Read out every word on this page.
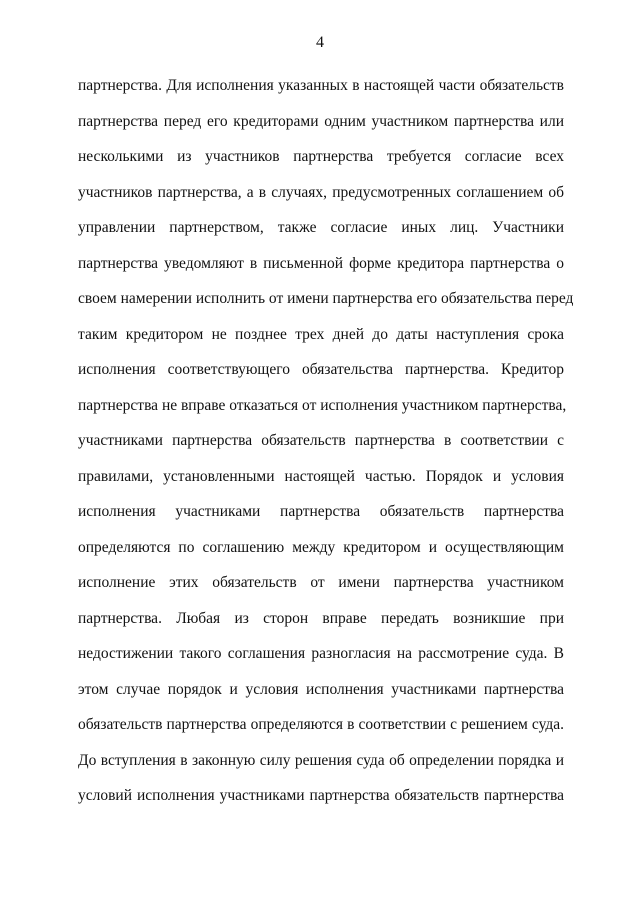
4
партнерства. Для исполнения указанных в настоящей части обязательств
партнерства перед его кредиторами одним участником партнерства или
несколькими из участников партнерства требуется согласие всех
участников партнерства, а в случаях, предусмотренных соглашением об
управлении партнерством, также согласие иных лиц. Участники
партнерства уведомляют в письменной форме кредитора партнерства о
своем намерении исполнить от имени партнерства его обязательства перед
таким кредитором не позднее трех дней до даты наступления срока
исполнения соответствующего обязательства партнерства. Кредитор
партнерства не вправе отказаться от исполнения участником партнерства,
участниками партнерства обязательств партнерства в соответствии с
правилами, установленными настоящей частью. Порядок и условия
исполнения участниками партнерства обязательств партнерства
определяются по соглашению между кредитором и осуществляющим
исполнение этих обязательств от имени партнерства участником
партнерства. Любая из сторон вправе передать возникшие при
недостижении такого соглашения разногласия на рассмотрение суда. В
этом случае порядок и условия исполнения участниками партнерства
обязательств партнерства определяются в соответствии с решением суда.
До вступления в законную силу решения суда об определении порядка и
условий исполнения участниками партнерства обязательств партнерства
